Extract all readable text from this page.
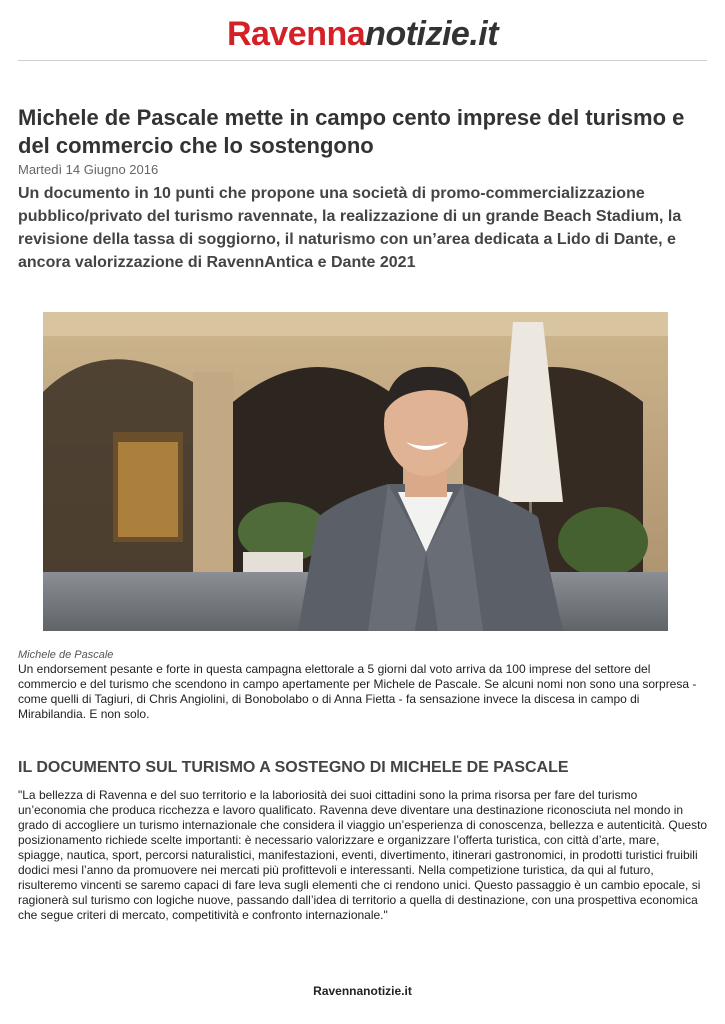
Ravennanotizie.it
Michele de Pascale mette in campo cento imprese del turismo e del commercio che lo sostengono
Martedì 14 Giugno 2016
Un documento in 10 punti che propone una società di promo-commercializzazione pubblico/privato del turismo ravennate, la realizzazione di un grande Beach Stadium, la revisione della tassa di soggiorno, il naturismo con un’area dedicata a Lido di Dante, e ancora valorizzazione di RavennAntica e Dante 2021
Michele de Pascale

Un endorsement pesante e forte in questa campagna elettorale a 5 giorni dal voto arriva da 100 imprese del settore del commercio e del turismo che scendono in campo apertamente per Michele de Pascale. Se alcuni nomi non sono una sorpresa - come quelli di Tagiuri, di Chris Angiolini, di Bonobolabo o di Anna Fietta - fa sensazione invece la discesa in campo di Mirabilandia. E non solo.

IL DOCUMENTO SUL TURISMO A SOSTEGNO DI MICHELE DE PASCALE

"La bellezza di Ravenna e del suo territorio e la laboriosità dei suoi cittadini sono la prima risorsa per fare del turismo un’economia che produca ricchezza e lavoro qualificato. Ravenna deve diventare una destinazione riconosciuta nel mondo in grado di accogliere un turismo internazionale che considera il viaggio un’esperienza di conoscenza, bellezza e autenticità. Questo posizionamento richiede scelte importanti: è necessario valorizzare e organizzare l’offerta turistica, con città d’arte, mare, spiagge, nautica, sport, percorsi naturalistici, manifestazioni, eventi, divertimento, itinerari gastronomici, in prodotti turistici fruibili dodici mesi l’anno da promuovere nei mercati più profittevoli e interessanti. Nella competizione turistica, da qui al futuro, risulteremo vincenti se saremo capaci di fare leva sugli elementi che ci rendono unici. Questo passaggio è un cambio epocale, si ragionerà sul turismo con logiche nuove, passando dall’idea di territorio a quella di destinazione, con una prospettiva economica che segue criteri di mercato, competitività e confronto internazionale."

Ravennanotizie.it
